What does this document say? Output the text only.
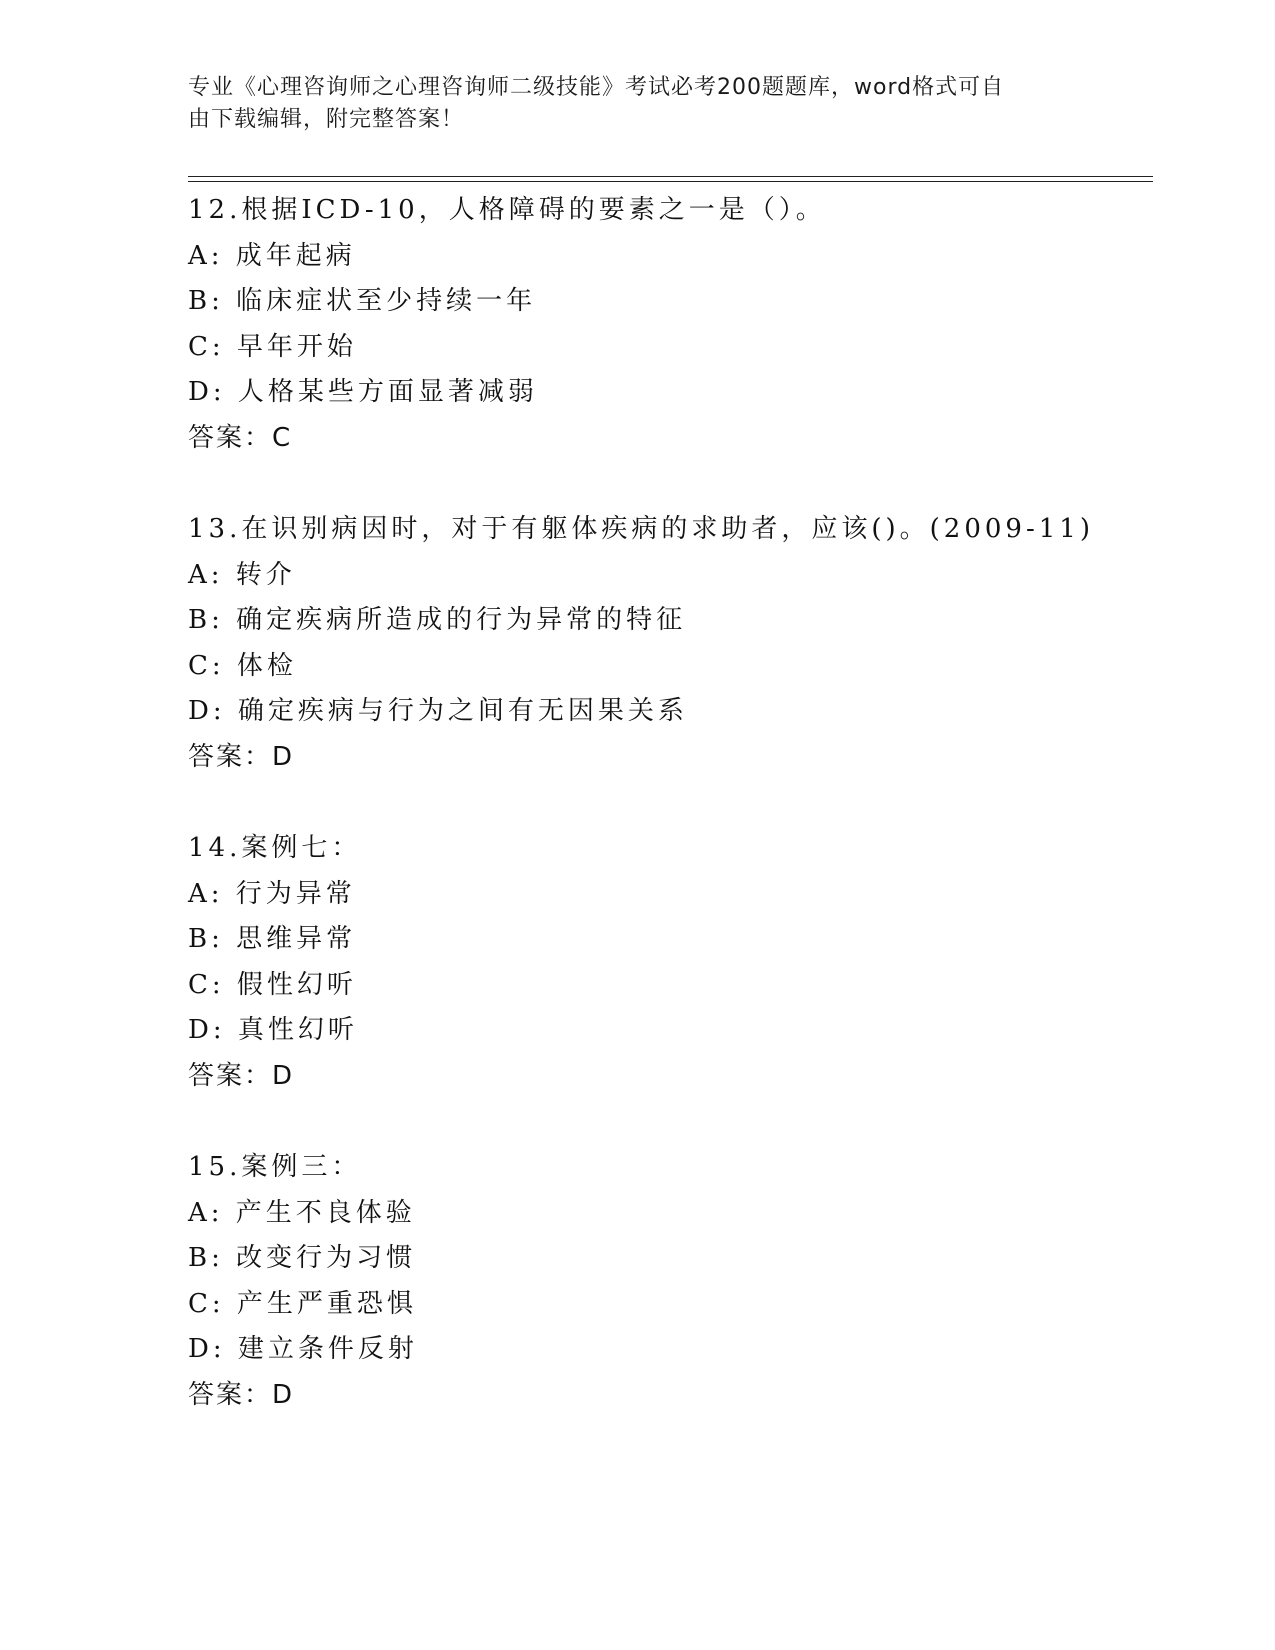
专业《心理咨询师之心理咨询师二级技能》考试必考200题题库，word格式可自
由下载编辑，附完整答案！
12.根据ICD-10，人格障碍的要素之一是（）。
A: 成年起病
B: 临床症状至少持续一年
C: 早年开始
D: 人格某些方面显著减弱
答案：C
13.在识别病因时，对于有躯体疾病的求助者，应该()。(2009-11)
A: 转介
B: 确定疾病所造成的行为异常的特征
C: 体检
D: 确定疾病与行为之间有无因果关系
答案：D
14.案例七：
A: 行为异常
B: 思维异常
C: 假性幻听
D: 真性幻听
答案：D
15.案例三：
A: 产生不良体验
B: 改变行为习惯
C: 产生严重恐惧
D: 建立条件反射
答案：D
